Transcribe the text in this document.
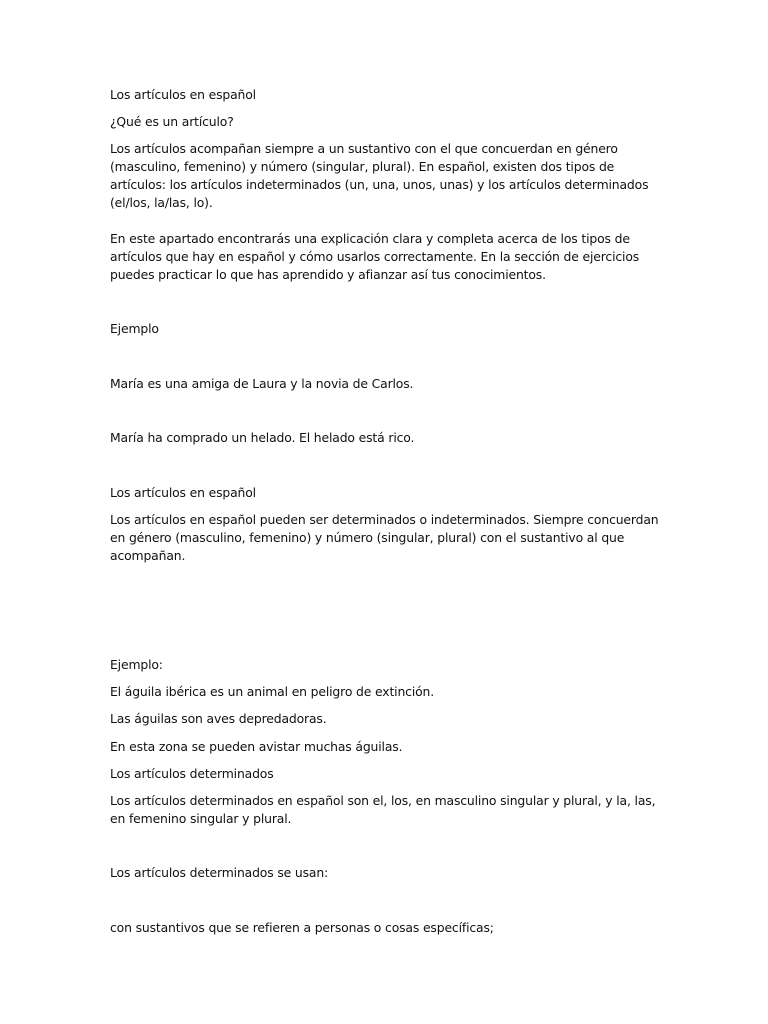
Los artículos en español

¿Qué es un artículo?

Los artículos acompañan siempre a un sustantivo con el que concuerdan en género (masculino, femenino) y número (singular, plural). En español, existen dos tipos de artículos: los artículos indeterminados (un, una, unos, unas) y los artículos determinados (el/los, la/las, lo).

En este apartado encontrarás una explicación clara y completa acerca de los tipos de artículos que hay en español y cómo usarlos correctamente. En la sección de ejercicios puedes practicar lo que has aprendido y afianzar así tus conocimientos.

Ejemplo

María es una amiga de Laura y la novia de Carlos.

María ha comprado un helado. El helado está rico.

Los artículos en español

Los artículos en español pueden ser determinados o indeterminados. Siempre concuerdan en género (masculino, femenino) y número (singular, plural) con el sustantivo al que acompañan.

Ejemplo:

El águila ibérica es un animal en peligro de extinción.

Las águilas son aves depredadoras.

En esta zona se pueden avistar muchas águilas.

Los artículos determinados

Los artículos determinados en español son el, los, en masculino singular y plural, y la, las, en femenino singular y plural.

Los artículos determinados se usan:

con sustantivos que se refieren a personas o cosas específicas;
